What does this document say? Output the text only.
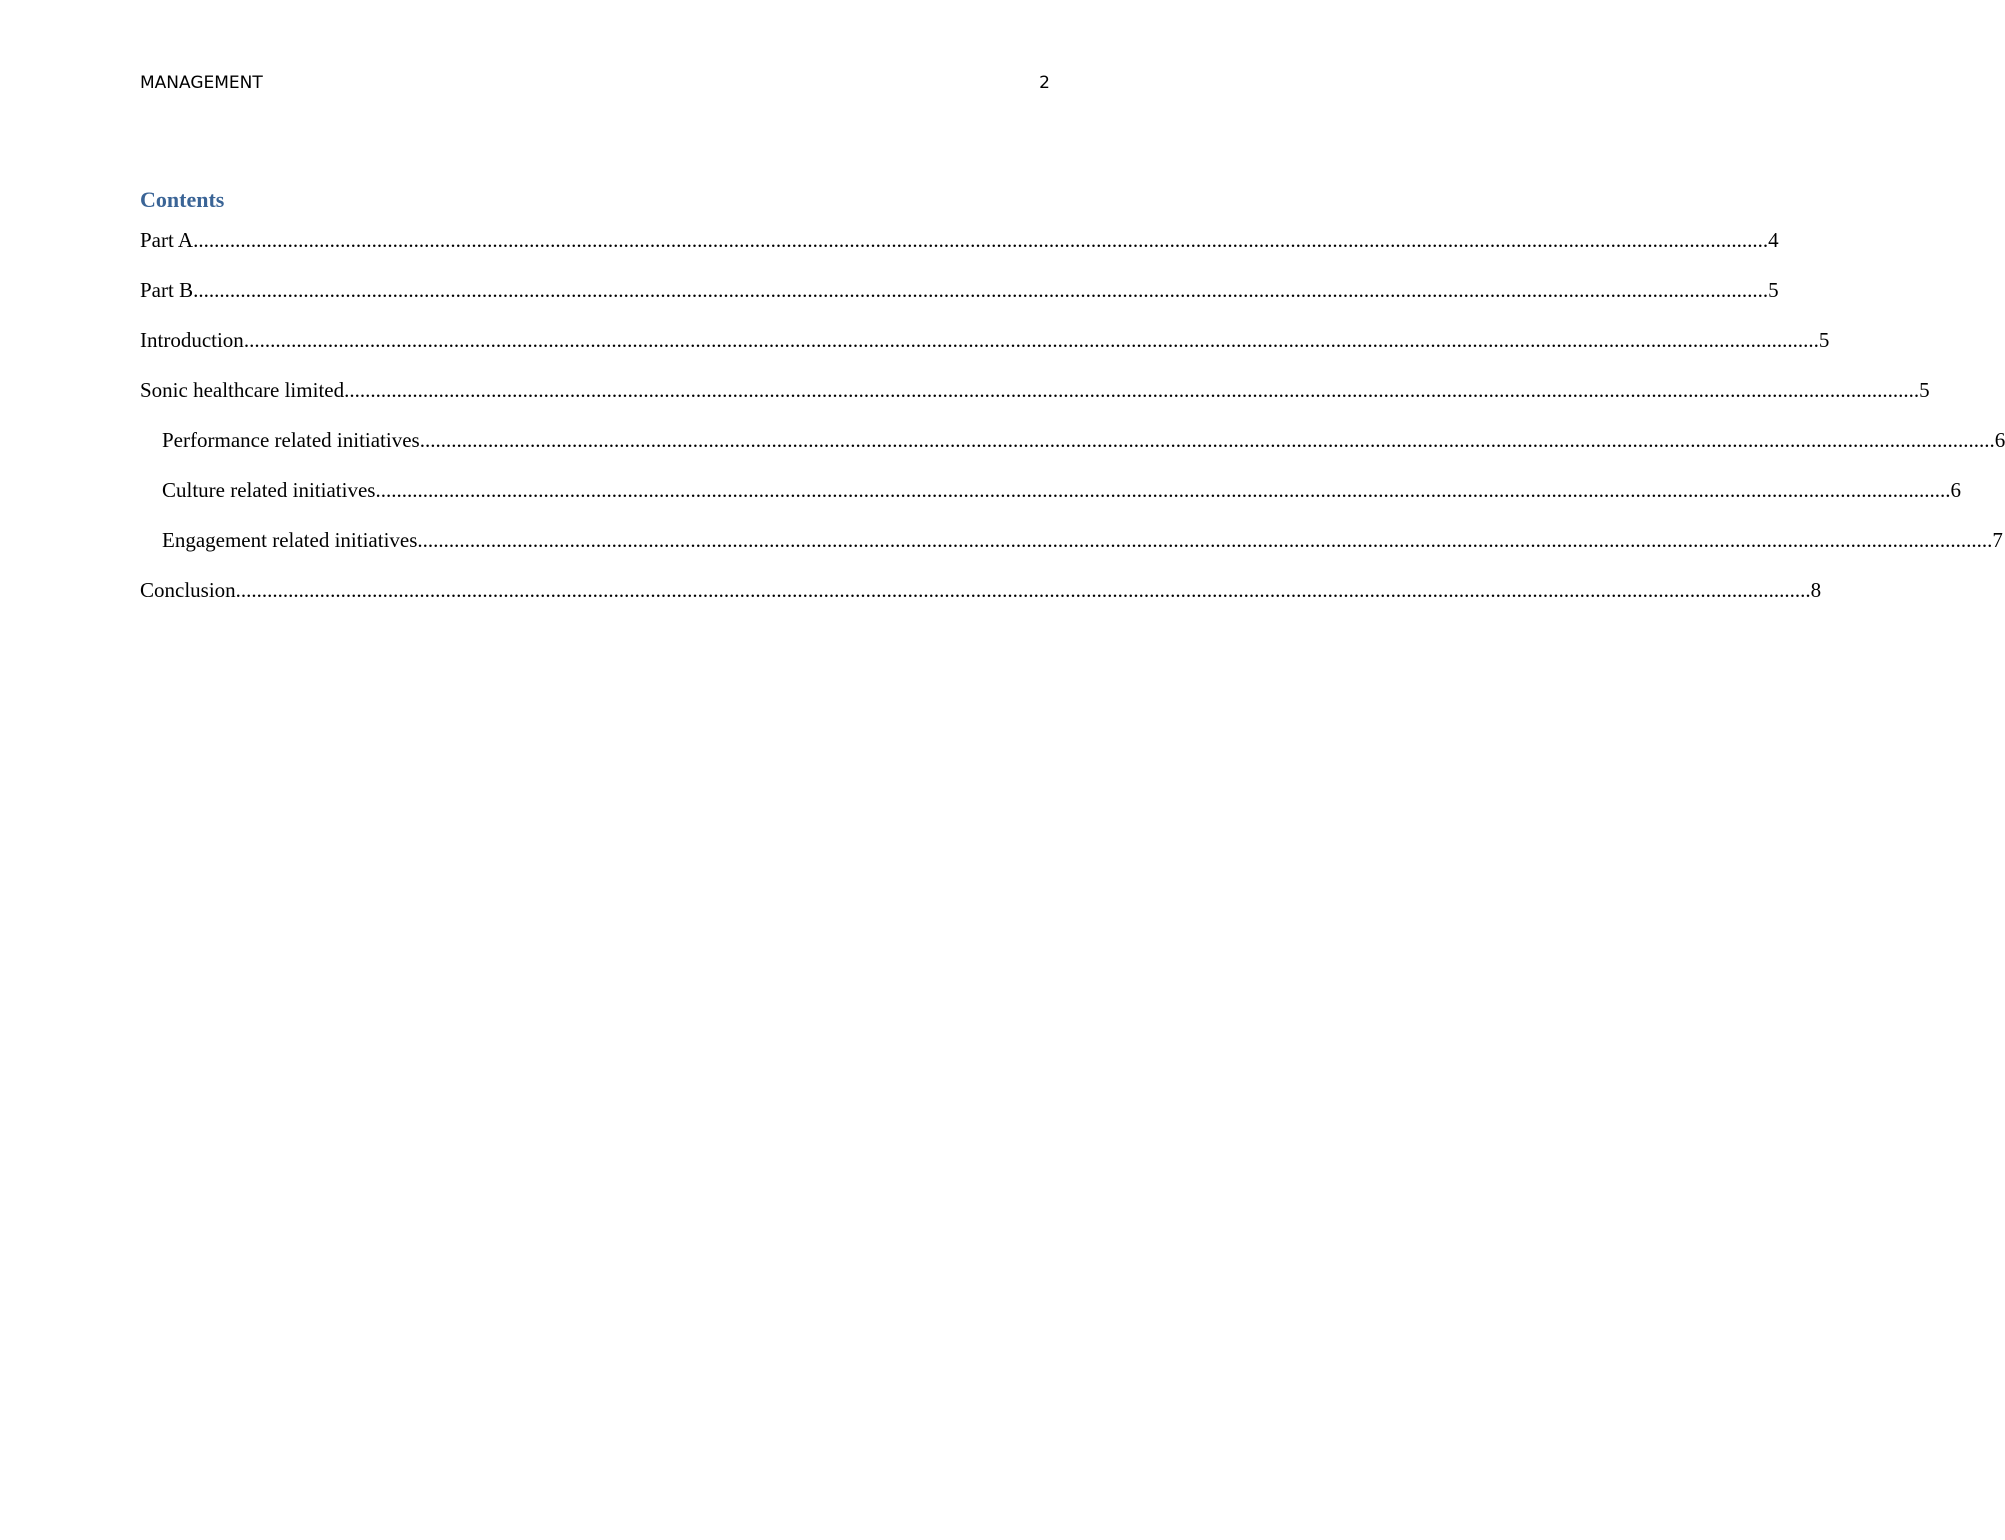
MANAGEMENT	2
Contents
Part A ............................................................................................................................................................................................................................................................................................................ 4
Part B ............................................................................................................................................................................................................................................................................................................ 5
Introduction ............................................................................................................................................................................................................................................................................................................ 5
Sonic healthcare limited ............................................................................................................................................................................................................................................................................................................ 5
Performance related initiatives ............................................................................................................................................................................................................................................................................................................ 6
Culture related initiatives ............................................................................................................................................................................................................................................................................................................ 6
Engagement related initiatives ............................................................................................................................................................................................................................................................................................................ 7
Conclusion ............................................................................................................................................................................................................................................................................................................ 8
